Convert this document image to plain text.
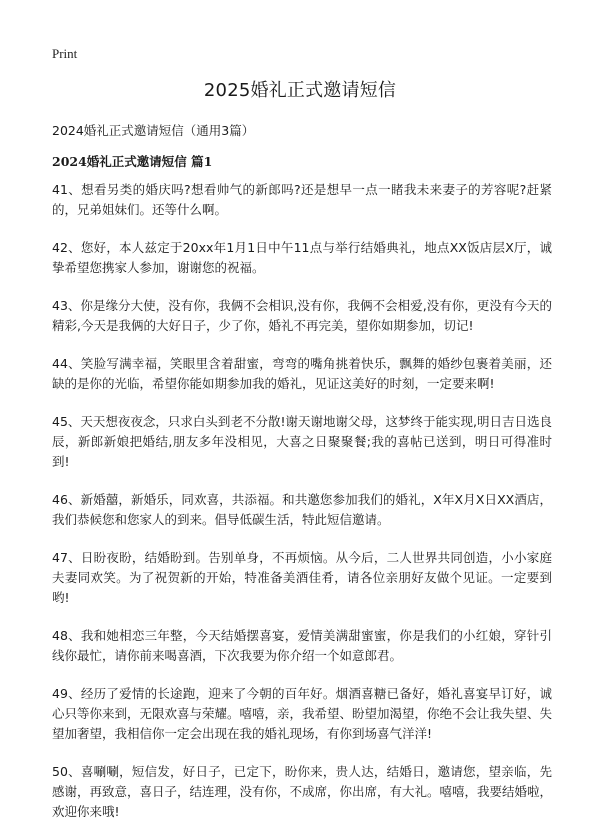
Print
2025婚礼正式邀请短信

2024婚礼正式邀请短信（通用3篇）

2024婚礼正式邀请短信 篇1

41、想看另类的婚庆吗?想看帅气的新郎吗?还是想早一点一睹我未来妻子的芳容呢?赶紧的，兄弟姐妹们。还等什么啊。

42、您好，本人兹定于20xx年1月1日中午11点与举行结婚典礼，地点XX饭店层X厅，诚挚希望您携家人参加，谢谢您的祝福。

43、你是缘分大使，没有你，我俩不会相识,没有你，我俩不会相爱,没有你，更没有今天的精彩,今天是我俩的大好日子，少了你，婚礼不再完美，望你如期参加，切记!

44、笑脸写满幸福，笑眼里含着甜蜜，弯弯的嘴角挑着快乐，飘舞的婚纱包裹着美丽，还缺的是你的光临，希望你能如期参加我的婚礼，见证这美好的时刻，一定要来啊!

45、天天想夜夜念，只求白头到老不分散!谢天谢地谢父母，这梦终于能实现,明日吉日选良辰，新郎新娘把婚结,朋友多年没相见，大喜之日聚聚餐;我的喜帖已送到，明日可得准时到!

46、新婚囍，新婚乐，同欢喜，共添福。和共邀您参加我们的婚礼，X年X月X日XX酒店，我们恭候您和您家人的到来。倡导低碳生活，特此短信邀请。

47、日盼夜盼，结婚盼到。告别单身，不再烦恼。从今后，二人世界共同创造，小小家庭夫妻同欢笑。为了祝贺新的开始，特准备美酒佳肴，请各位亲朋好友做个见证。一定要到哟!

48、我和她相恋三年整，今天结婚摆喜宴，爱情美满甜蜜蜜，你是我们的小红娘，穿针引线你最忙，请你前来喝喜酒，下次我要为你介绍一个如意郎君。

49、经历了爱情的长途跑，迎来了今朝的百年好。烟酒喜糖已备好，婚礼喜宴早订好，诚心只等你来到，无限欢喜与荣耀。嘻嘻，亲，我希望、盼望加渴望，你绝不会让我失望、失望加奢望，我相信你一定会出现在我的婚礼现场，有你到场喜气洋洋!

50、喜唰唰，短信发，好日子，已定下，盼你来，贵人达，结婚日，邀请您，望亲临，先感谢，再致意，喜日子，结连理，没有你，不成席，你出席，有大礼。嘻嘻，我要结婚啦，欢迎你来哦!
